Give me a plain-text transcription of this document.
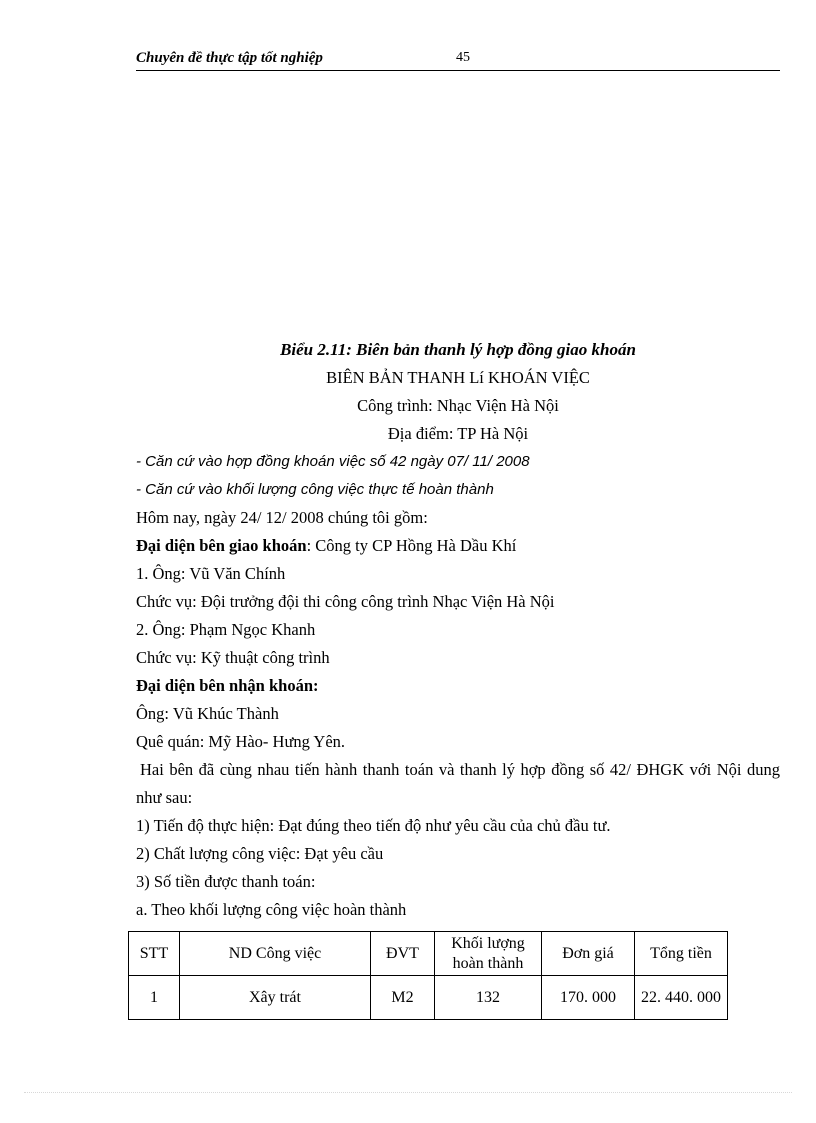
Chuyên đề thực tập tốt nghiệp	45
Biểu 2.11: Biên bản thanh lý hợp đồng giao khoán
BIÊN BẢN THANH Lí KHOÁN VIỆC
Công trình: Nhạc Viện Hà Nội
Địa điểm: TP Hà Nội
- Căn cứ vào hợp đồng khoán việc số 42 ngày 07/ 11/ 2008
- Căn cứ vào khối lượng công việc thực tế hoàn thành
Hôm nay, ngày 24/ 12/ 2008 chúng tôi gồm:
Đại diện bên giao khoán: Công ty CP Hồng Hà Dầu Khí
1. Ông: Vũ Văn Chính
Chức vụ: Đội trưởng đội thi công công trình Nhạc Viện Hà Nội
2. Ông: Phạm Ngọc Khanh
Chức vụ: Kỹ thuật công trình
Đại diện bên nhận khoán:
Ông: Vũ Khúc Thành
Quê quán: Mỹ Hào- Hưng Yên.
Hai bên đã cùng nhau tiến hành thanh toán và thanh lý hợp đồng số 42/ ĐHGK với Nội dung như sau:
1) Tiến độ thực hiện: Đạt đúng theo tiến độ như yêu cầu của chủ đầu tư.
2) Chất lượng công việc: Đạt yêu cầu
3) Số tiền được thanh toán:
a. Theo khối lượng công việc hoàn thành
STT	ND Công việc	ĐVT	Khối lượng hoàn thành	Đơn giá	Tổng tiền
1	Xây trát	M2	132	170. 000	22. 440. 000
